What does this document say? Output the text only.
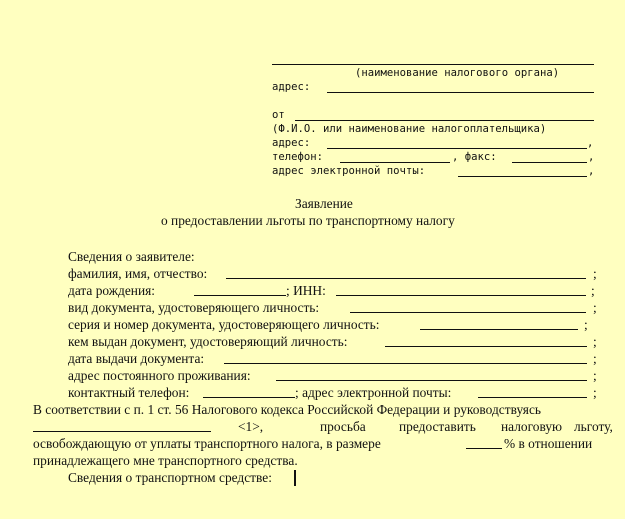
(наименование налогового органа)
адрес:
от
(Ф.И.О. или наименование налогоплательщика)
адрес:	,
телефон:	, факс:	,
адрес электронной почты:	,
Заявление
о предоставлении льготы по транспортному налогу
Сведения о заявителе:
фамилия, имя, отчество:	;
дата рождения:	; ИНН:	;
вид документа, удостоверяющего личность:	;
серия и номер документа, удостоверяющего личность:	;
кем выдан документ, удостоверяющий личность:	;
дата выдачи документа:	;
адрес постоянного проживания:	;
контактный телефон:	; адрес электронной почты:	;
В соответствии с п. 1 ст. 56 Налогового кодекса Российской Федерации и руководствуясь
<1>,	просьба предоставить налоговую льготу,
освобождающую от уплаты транспортного налога, в размере	% в отношении
принадлежащего мне транспортного средства.
Сведения о транспортном средстве:
